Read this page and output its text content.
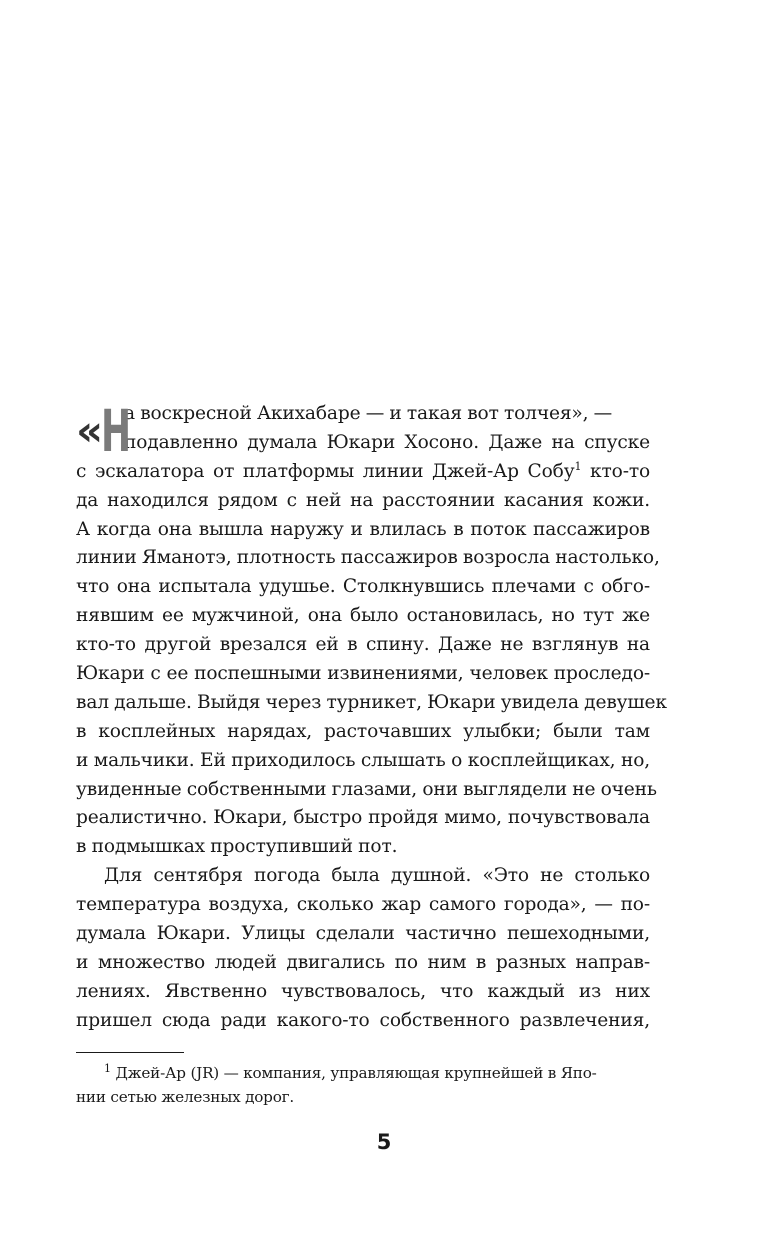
« Н
а воскресной Акихабаре — и такая вот толчея», —
подавленно думала Юкари Хосоно. Даже на спуске
с эскалатора от платформы линии Джей-Ар Собу$^1$ кто-то
да находился рядом с ней на расстоянии касания кожи.
А когда она вышла наружу и влилась в поток пассажиров
линии Яманотэ, плотность пассажиров возросла настолько,
что она испытала удушье. Столкнувшись плечами с обго-
нявшим ее мужчиной, она было остановилась, но тут же
кто-то другой врезался ей в спину. Даже не взглянув на
Юкари с ее поспешными извинениями, человек проследо-
вал дальше. Выйдя через турникет, Юкари увидела девушек
в косплейных нарядах, расточавших улыбки; были там
и мальчики. Ей приходилось слышать о косплейщиках, но,
увиденные собственными глазами, они выглядели не очень
реалистично. Юкари, быстро пройдя мимо, почувствовала
в подмышках проступивший пот.
Для сентября погода была душной. «Это не столько
температура воздуха, сколько жар самого города», — по-
думала Юкари. Улицы сделали частично пешеходными,
и множество людей двигались по ним в разных направ-
лениях. Явственно чувствовалось, что каждый из них
пришел сюда ради какого-то собственного развлечения,
$^1$ Джей-Ар (JR) — компания, управляющая крупнейшей в Япо-
нии сетью железных дорог.
5
